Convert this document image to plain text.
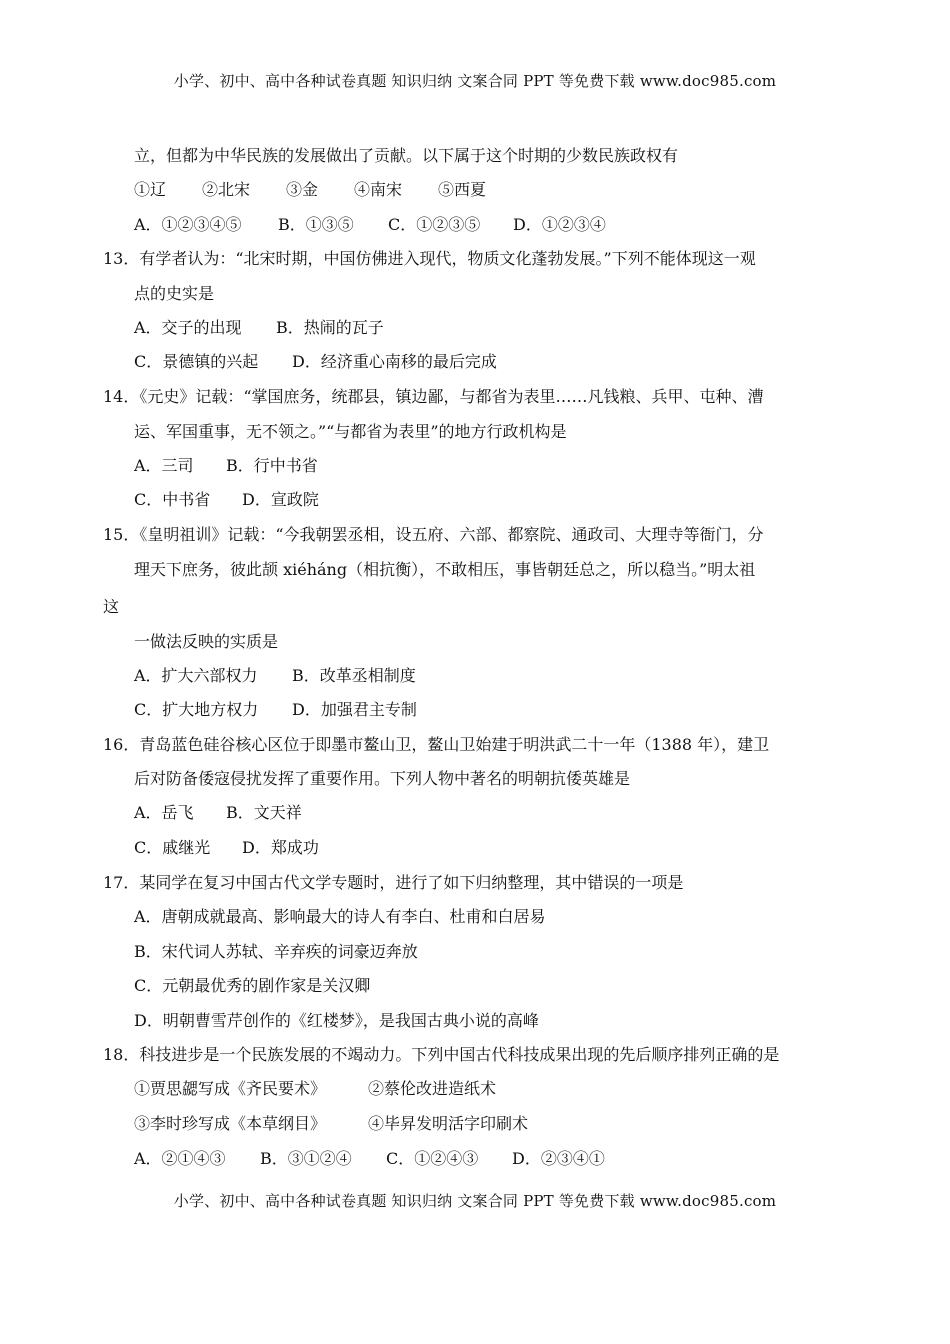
小学、初中、高中各种试卷真题 知识归纳 文案合同 PPT 等免费下载 www.doc985.com
立，但都为中华民族的发展做出了贡献。以下属于这个时期的少数民族政权有
①辽 ②北宋 ③金 ④南宋 ⑤西夏
A．①②③④⑤ B．①③⑤ C．①②③⑤ D．①②③④
13．有学者认为：“北宋时期，中国仿佛进入现代，物质文化蓬勃发展。”下列不能体现这一观
点的史实是
A．交子的出现 B．热闹的瓦子
C．景德镇的兴起 D．经济重心南移的最后完成
14．《元史》记载：“掌国庶务，统郡县，镇边鄙，与都省为表里……凡钱粮、兵甲、屯种、漕
运、军国重事，无不领之。”“与都省为表里”的地方行政机构是
A．三司 B．行中书省
C．中书省 D．宣政院
15．《皇明祖训》记载：“今我朝罢丞相，设五府、六部、都察院、通政司、大理寺等衙门，分
理天下庶务，彼此颉 xiéháng（相抗衡），不敢相压，事皆朝廷总之，所以稳当。”明太祖
这
一做法反映的实质是
A．扩大六部权力 B．改革丞相制度
C．扩大地方权力 D．加强君主专制
16．青岛蓝色硅谷核心区位于即墨市鳌山卫，鳌山卫始建于明洪武二十一年（1388 年），建卫
后对防备倭寇侵扰发挥了重要作用。下列人物中著名的明朝抗倭英雄是
A．岳飞 B．文天祥
C．戚继光 D．郑成功
17．某同学在复习中国古代文学专题时，进行了如下归纳整理，其中错误的一项是
A．唐朝成就最高、影响最大的诗人有李白、杜甫和白居易
B．宋代词人苏轼、辛弃疾的词豪迈奔放
C．元朝最优秀的剧作家是关汉卿
D．明朝曹雪芹创作的《红楼梦》，是我国古典小说的高峰
18．科技进步是一个民族发展的不竭动力。下列中国古代科技成果出现的先后顺序排列正确的是
①贾思勰写成《齐民要术》	②蔡伦改进造纸术
③李时珍写成《本草纲目》	④毕昇发明活字印刷术
A．②①④③ B．③①②④ C．①②④③ D．②③④①
小学、初中、高中各种试卷真题 知识归纳 文案合同 PPT 等免费下载 www.doc985.com
